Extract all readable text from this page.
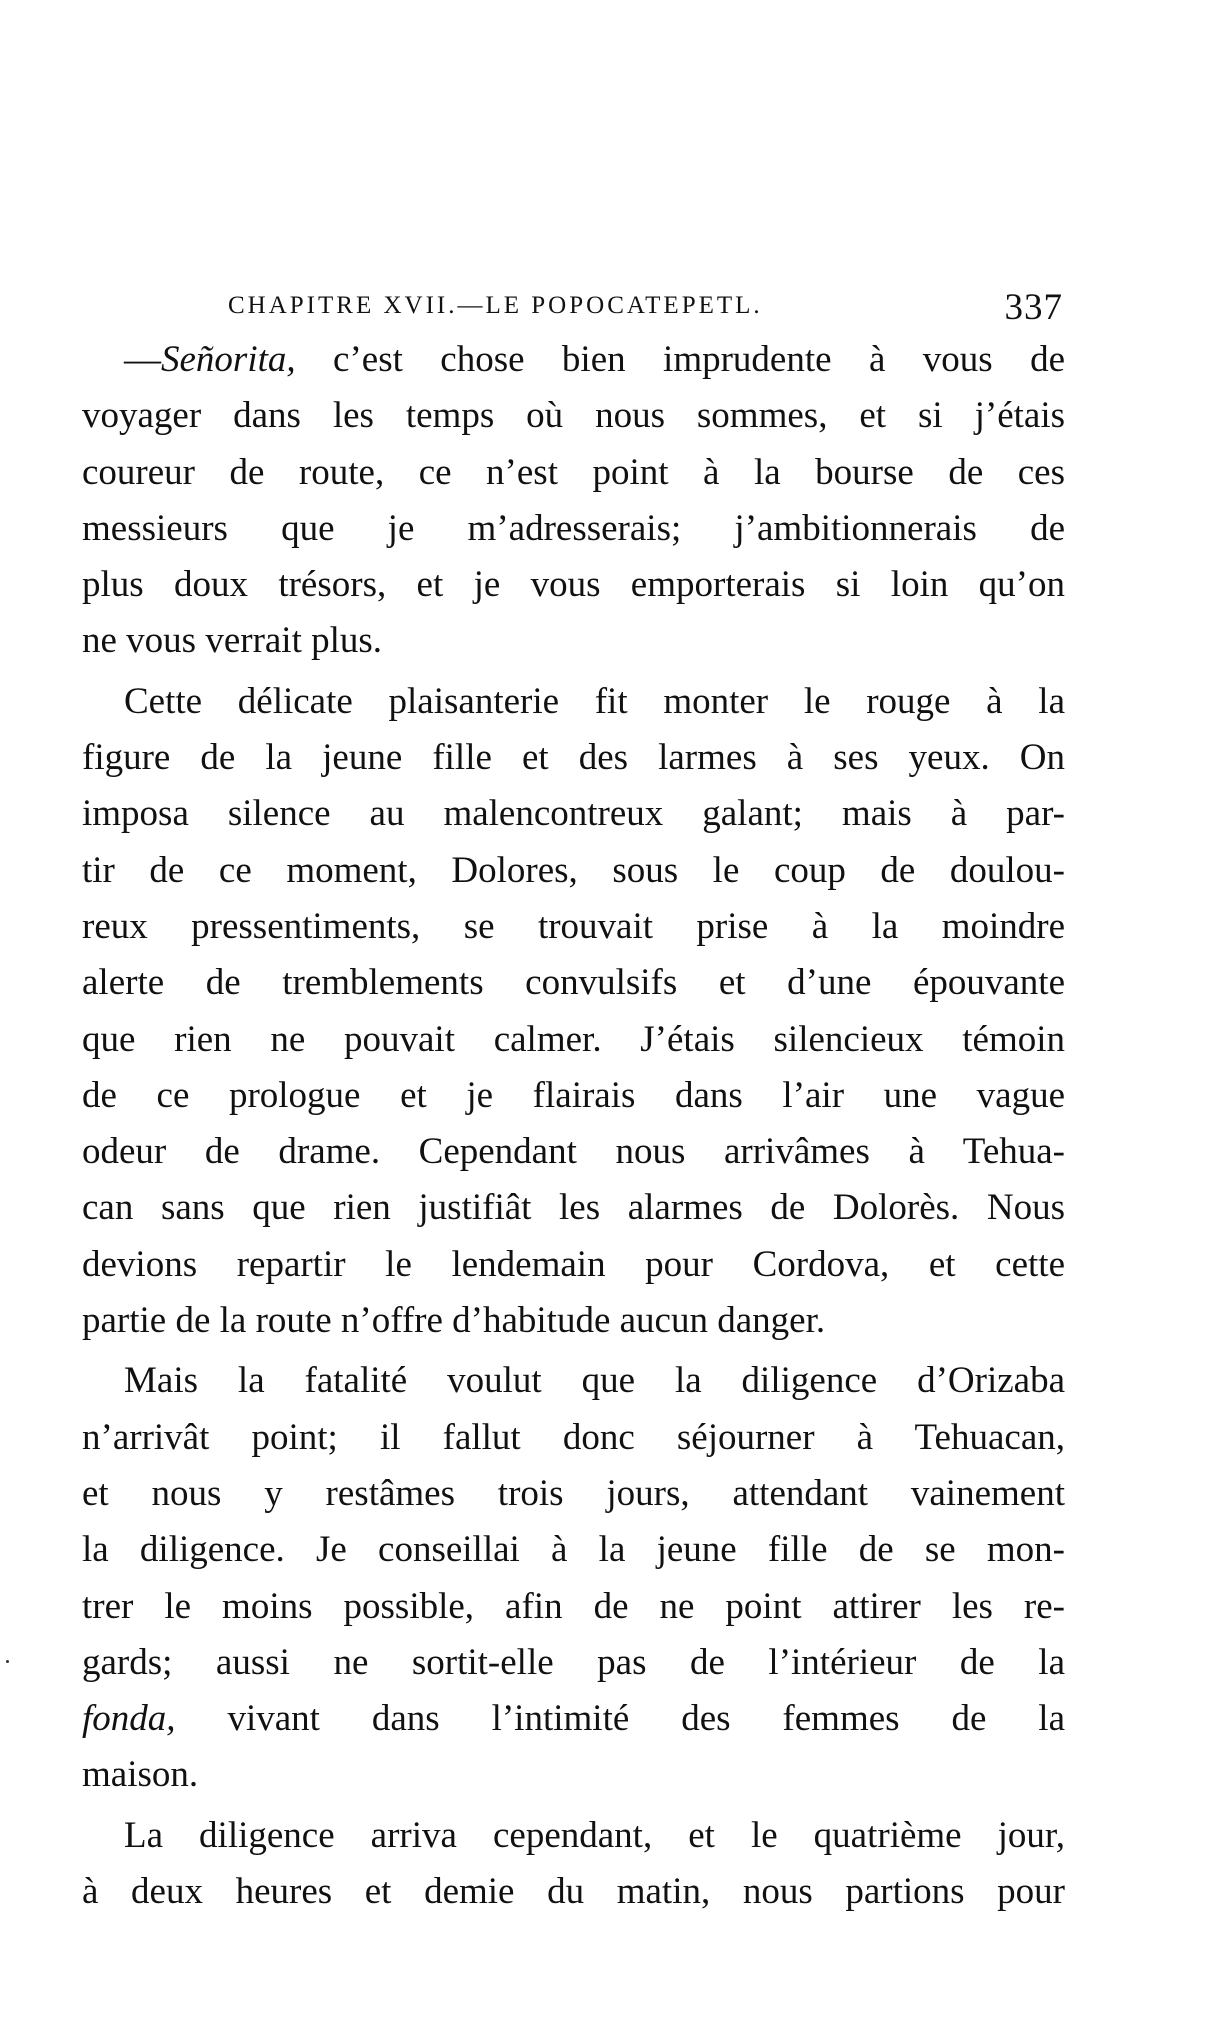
CHAPITRE XVII.—LE POPOCATEPETL.	337
—Señorita, c’est chose bien imprudente à vous de
voyager dans les temps où nous sommes, et si j’étais
coureur de route, ce n’est point à la bourse de ces
messieurs que je m’adresserais; j’ambitionnerais de
plus doux trésors, et je vous emporterais si loin qu’on
ne vous verrait plus.
Cette délicate plaisanterie fit monter le rouge à la
figure de la jeune fille et des larmes à ses yeux. On
imposa silence au malencontreux galant; mais à par-
tir de ce moment, Dolores, sous le coup de doulou-
reux pressentiments, se trouvait prise à la moindre
alerte de tremblements convulsifs et d’une épouvante
que rien ne pouvait calmer. J’étais silencieux témoin
de ce prologue et je flairais dans l’air une vague
odeur de drame. Cependant nous arrivâmes à Tehua-
can sans que rien justifiât les alarmes de Dolorès. Nous
devions repartir le lendemain pour Cordova, et cette
partie de la route n’offre d’habitude aucun danger.
Mais la fatalité voulut que la diligence d’Orizaba
n’arrivât point; il fallut donc séjourner à Tehuacan,
et nous y restâmes trois jours, attendant vainement
la diligence. Je conseillai à la jeune fille de se mon-
trer le moins possible, afin de ne point attirer les re-
gards; aussi ne sortit-elle pas de l’intérieur de la
fonda, vivant dans l’intimité des femmes de la
maison.
La diligence arriva cependant, et le quatrième jour,
à deux heures et demie du matin, nous partions pour
